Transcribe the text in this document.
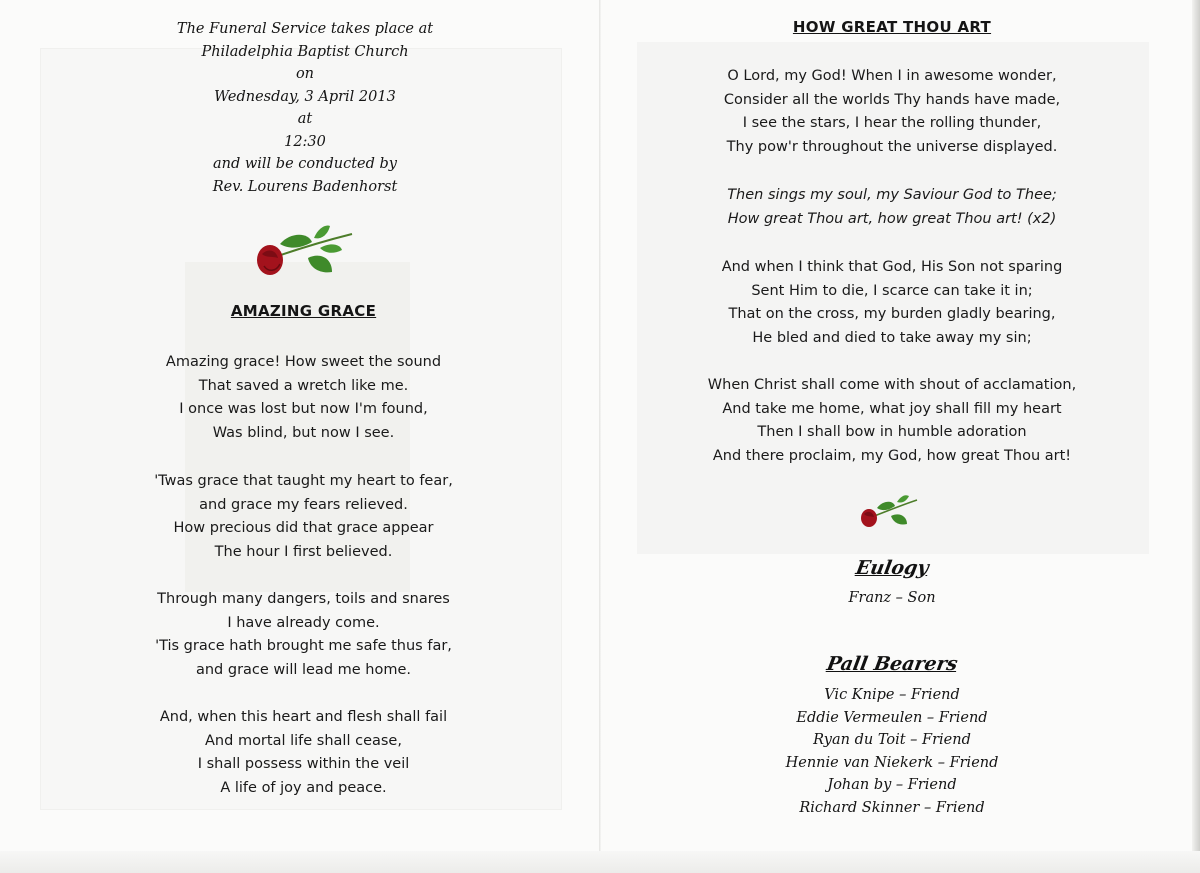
The Funeral Service takes place at
Philadelphia Baptist Church
on
Wednesday, 3 April 2013
at
12:30
and will be conducted by
Rev. Lourens Badenhorst
AMAZING GRACE
Amazing grace! How sweet the sound
That saved a wretch like me.
I once was lost but now I'm found,
Was blind, but now I see.
'Twas grace that taught my heart to fear,
and grace my fears relieved.
How precious did that grace appear
The hour I first believed.
Through many dangers, toils and snares
I have already come.
'Tis grace hath brought me safe thus far,
and grace will lead me home.
And, when this heart and flesh shall fail
And mortal life shall cease,
I shall possess within the veil
A life of joy and peace.
HOW GREAT THOU ART
O Lord, my God! When I in awesome wonder,
Consider all the worlds Thy hands have made,
I see the stars, I hear the rolling thunder,
Thy pow'r throughout the universe displayed.
Then sings my soul, my Saviour God to Thee;
How great Thou art, how great Thou art! (x2)
And when I think that God, His Son not sparing
Sent Him to die, I scarce can take it in;
That on the cross, my burden gladly bearing,
He bled and died to take away my sin;
When Christ shall come with shout of acclamation,
And take me home, what joy shall fill my heart
Then I shall bow in humble adoration
And there proclaim, my God, how great Thou art!
Eulogy
Franz – Son
Pall Bearers
Vic Knipe – Friend
Eddie Vermeulen – Friend
Ryan du Toit – Friend
Hennie van Niekerk – Friend
Johan by – Friend
Richard Skinner – Friend
